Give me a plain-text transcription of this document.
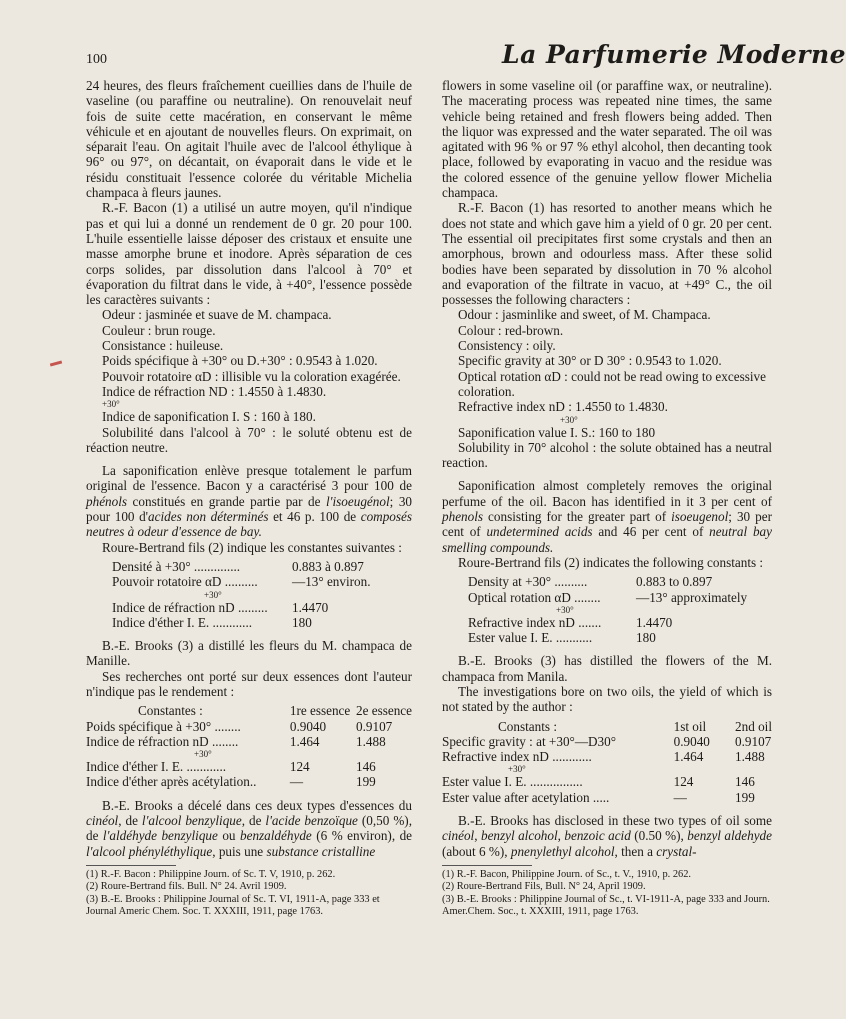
100	La Parfumerie Moderne

24 heures, des fleurs fraîchement cueillies dans de l'huile de vaseline (ou paraffine ou neutraline). On renouvelait neuf fois de suite cette macération, en conservant le même véhicule et en ajoutant de nouvelles fleurs. On exprimait, on séparait l'eau. On agitait l'huile avec de l'alcool éthylique à 96° ou 97°, on décantait, on évaporait dans le vide et le résidu constituait l'essence colorée du véritable Michelia champaca à fleurs jaunes.

R.-F. Bacon (1) a utilisé un autre moyen, qu'il n'indique pas et qui lui a donné un rendement de 0 gr. 20 pour 100. L'huile essentielle laisse déposer des cristaux et ensuite une masse amorphe brune et inodore. Après séparation de ces corps solides, par dissolution dans l'alcool à 70° et évaporation du filtrat dans le vide, à +40°, l'essence possède les caractères suivants :

Odeur : jasminée et suave de M. champaca.
Couleur : brun rouge.
Consistance : huileuse.
Poids spécifique à +30° ou D.+30° : 0.9543 à 1.020.
Pouvoir rotatoire αD : illisible vu la coloration exagérée.
Indice de réfraction ND : 1.4550 à 1.4830.
+30°
Indice de saponification I. S : 160 à 180.

Solubilité dans l'alcool à 70° : le soluté obtenu est de réaction neutre.

La saponification enlève presque totalement le parfum original de l'essence. Bacon y a caractérisé 3 pour 100 de phénols constitués en grande partie par de l'isoeugénol; 30 pour 100 d'acides non déterminés et 46 p. 100 de composés neutres à odeur d'essence de bay.

Roure-Bertrand fils (2) indique les constantes suivantes :

Densité à +30° ..............	0.883 à 0.897
Pouvoir rotatoire αD ..........	—13° environ.
+30°	
Indice de réfraction nD .........	1.4470
Indice d'éther I. E. ............	180

B.-E. Brooks (3) a distillé les fleurs du M. champaca de Manille.

Ses recherches ont porté sur deux essences dont l'auteur n'indique pas le rendement :

Constantes :	1re essence	2e essence
Poids spécifique à +30° ........	0.9040	0.9107
Indice de réfraction nD ........	1.464	1.488
+30°		
Indice d'éther I. E. ............	124	146
Indice d'éther après acétylation..	—	199

B.-E. Brooks a décelé dans ces deux types d'essences du cinéol, de l'alcool benzylique, de l'acide benzoïque (0,50 %), de l'aldéhyde benzylique ou benzaldéhyde (6 % environ), de l'alcool phényléthylique, puis une substance cristalline

(1) R.-F. Bacon : Philippine Journ. of Sc. T. V, 1910, p. 262.
(2) Roure-Bertrand fils. Bull. N° 24. Avril 1909.
(3) B.-E. Brooks : Philippine Journal of Sc. T. VI, 1911-A, page 333 et Journal Americ Chem. Soc. T. XXXIII, 1911, page 1763.

flowers in some vaseline oil (or paraffine wax, or neutraline). The macerating process was repeated nine times, the same vehicle being retained and fresh flowers being added. Then the liquor was expressed and the water separated. The oil was agitated with 96 % or 97 % ethyl alcohol, then decanting took place, followed by evaporating in vacuo and the residue was the colored essence of the genuine yellow flower Michelia champaca.

R.-F. Bacon (1) has resorted to another means which he does not state and which gave him a yield of 0 gr. 20 per cent. The essential oil precipitates first some crystals and then an amorphous, brown and odourless mass. After these solid bodies have been separated by dissolution in 70 % alcohol and evaporation of the filtrate in vacuo, at +49° C., the oil possesses the following characters :

Odour : jasminlike and sweet, of M. Champaca.
Colour : red-brown.
Consistency : oily.
Specific gravity at 30° or D 30° : 0.9543 to 1.020.
Optical rotation αD : could not be read owing to excessive coloration.
Refractive index nD : 1.4550 to 1.4830.
+30°
Saponification value I. S.: 160 to 180

Solubility in 70° alcohol : the solute obtained has a neutral reaction.

Saponification almost completely removes the original perfume of the oil. Bacon has identified in it 3 per cent of phenols consisting for the greater part of isoeugenol; 30 per cent of undetermined acids and 46 per cent of neutral bay smelling compounds.

Roure-Bertrand fils (2) indicates the following constants :

Density at +30° ..........	0.883 to 0.897
Optical rotation αD ........	—13° approximately
+30°	
Refractive index nD .......	1.4470
Ester value I. E. ...........	180

B.-E. Brooks (3) has distilled the flowers of the M. champaca from Manila.

The investigations bore on two oils, the yield of which is not stated by the author :

Constants :	1st oil	2nd oil
Specific gravity : at +30°—D30°	0.9040	0.9107
Refractive index nD ............	1.464	1.488
+30°		
Ester value I. E. ................	124	146
Ester value after acetylation .....	—	199

B.-E. Brooks has disclosed in these two types of oil some cinéol, benzyl alcohol, benzoic acid (0.50 %), benzyl aldehyde (about 6 %), pnenylethyl alcohol, then a crystal-

(1) R.-F. Bacon, Philippine Journ. of Sc., t. V., 1910, p. 262.
(2) Roure-Bertrand Fils, Bull. N° 24, April 1909.
(3) B.-E. Brooks : Philippine Journal of Sc., t. VI-1911-A, page 333 and Journ. Amer.Chem. Soc., t. XXXIII, 1911, page 1763.
